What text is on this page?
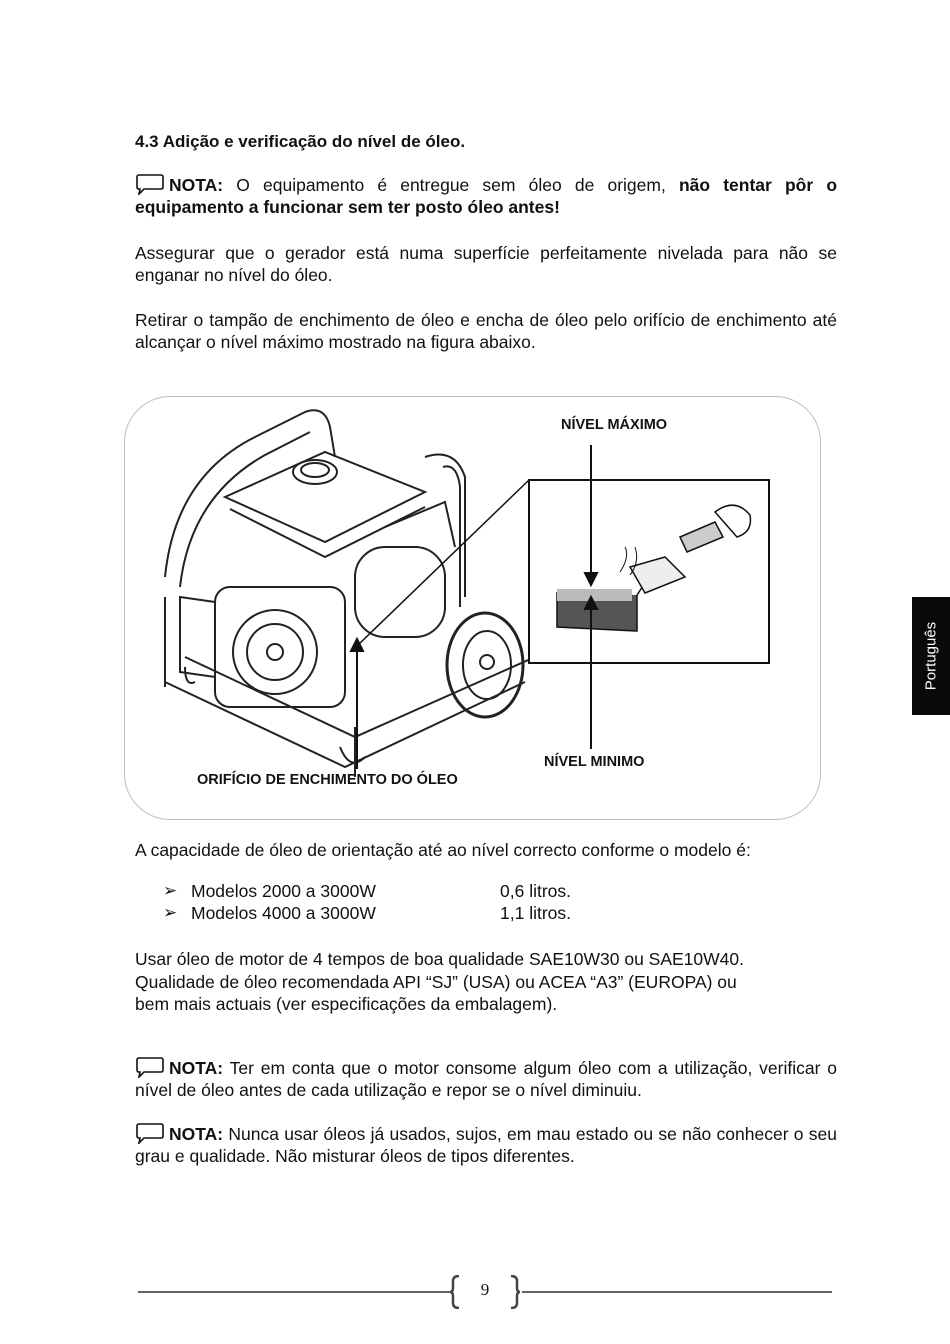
4.3 Adição e verificação do nível de óleo.
NOTA: O equipamento é entregue sem óleo de origem, não tentar pôr o equipamento a funcionar sem ter posto óleo antes!
Assegurar que o gerador está numa superfície perfeitamente nivelada para não se enganar no nível do óleo.
Retirar o tampão de enchimento de óleo e encha de óleo pelo orifício de enchimento até alcançar o nível máximo mostrado na figura abaixo.
NÍVEL MÁXIMO
NÍVEL MINIMO
ORIFÍCIO DE ENCHIMENTO DO ÓLEO
A capacidade de óleo de orientação até ao nível correcto conforme o modelo é:
➢ Modelos 2000 a 3000W	0,6 litros.
➢ Modelos 4000 a 3000W	1,1 litros.
Usar óleo de motor de 4 tempos de boa qualidade SAE10W30 ou SAE10W40.
Qualidade de óleo recomendada API “SJ” (USA) ou ACEA “A3” (EUROPA) ou
bem mais actuais (ver especificações da embalagem).
NOTA: Ter em conta que o motor consome algum óleo com a utilização, verificar o nível de óleo antes de cada utilização e repor se o nível diminuiu.
NOTA: Nunca usar óleos já usados, sujos, em mau estado ou se não conhecer o seu grau e qualidade. Não misturar óleos de tipos diferentes.
Português
9
